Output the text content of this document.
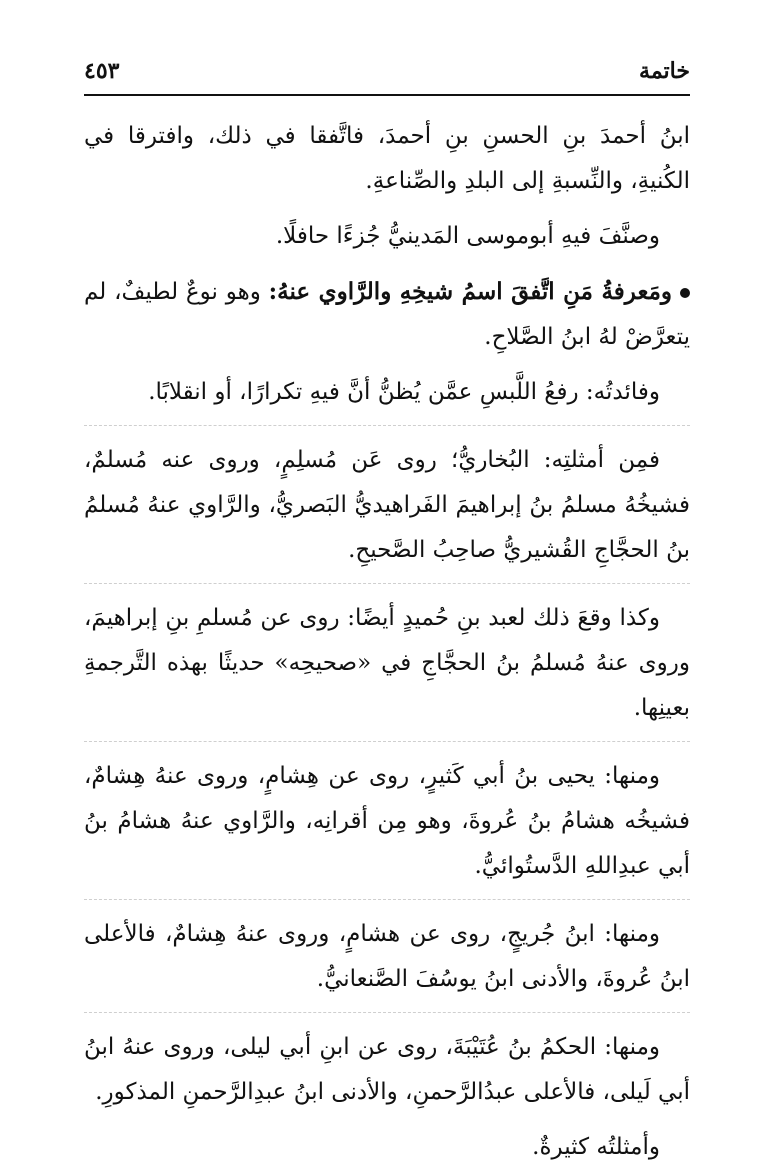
خاتمة
٤٥٣

ابنُ أحمدَ بنِ الحسنِ بنِ أحمدَ، فاتَّفقا في ذلك، وافترقا في الكُنيةِ، والنِّسبةِ إلى البلدِ والصِّناعةِ.

وصنَّفَ فيهِ أبوموسى المَدينيُّ جُزءًا حافلًا.

ومَعرفةُ مَنِ اتَّفقَ اسمُ شيخِهِ والرَّاوي عنهُ: وهو نوعٌ لطيفٌ، لم يتعرَّضْ لهُ ابنُ الصَّلاحِ.

وفائدتُه: رفعُ اللَّبسِ عمَّن يُظنُّ أنَّ فيهِ تكرارًا، أو انقلابًا.

فمِن أمثلتِه: البُخاريُّ؛ روى عَن مُسلِمٍ، وروى عنه مُسلمٌ، فشيخُهُ مسلمُ بنُ إبراهيمَ الفَراهيديُّ البَصريُّ، والرَّاوي عنهُ مُسلمُ بنُ الحجَّاجِ القُشيريُّ صاحِبُ الصَّحيحِ.

وكذا وقعَ ذلك لعبد بنِ حُميدٍ أيضًا: روى عن مُسلمِ بنِ إبراهيمَ، وروى عنهُ مُسلمُ بنُ الحجَّاجِ في «صحيحِه» حديثًا بهذه التَّرجمةِ بعينِها.

ومنها: يحيى بنُ أبي كَثيرٍ، روى عن هِشامٍ، وروى عنهُ هِشامٌ، فشيخُه هشامُ بنُ عُروةَ، وهو مِن أقرانِه، والرَّاوي عنهُ هشامُ بنُ أبي عبدِاللهِ الدَّستُوائيُّ.

ومنها: ابنُ جُريجٍ، روى عن هشامٍ، وروى عنهُ هِشامٌ، فالأعلى ابنُ عُروةَ، والأدنى ابنُ يوسُفَ الصَّنعانيُّ.

ومنها: الحكمُ بنُ عُتَيْبَةَ، روى عن ابنِ أبي ليلى، وروى عنهُ ابنُ أبي لَيلى، فالأعلى عبدُالرَّحمنِ، والأدنى ابنُ عبدِالرَّحمنِ المذكورِ.

وأمثلتُه كثيرةٌ.
